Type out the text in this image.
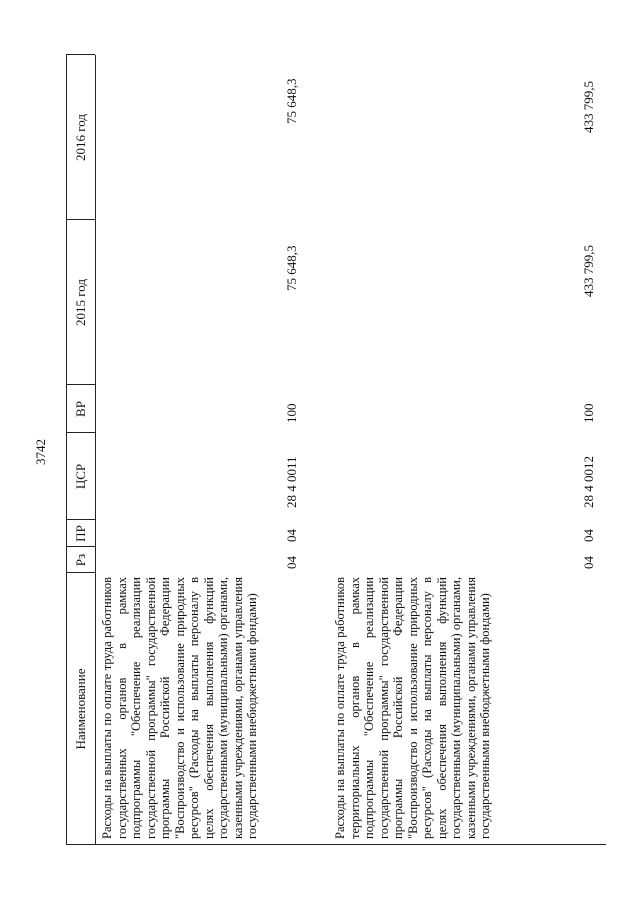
3742
Наименование
Рз
ПР
ЦСР
ВР
2015 год
2016 год
Расходы на выплаты по оплате труда работников государственных органов в рамках подпрограммы "Обеспечение реализации государственной программы" государственной программы Российской Федерации "Воспроизводство и использование природных ресурсов" (Расходы на выплаты персоналу в целях обеспечения выполнения функций государственными (муниципальными) органами, казенными учреждениями, органами управления государственными внебюджетными фондами)
04
04
28 4 0011
100
75 648,3
75 648,3
Расходы на выплаты по оплате труда работников территориальных органов в рамках подпрограммы "Обеспечение реализации государственной программы" государственной программы Российской Федерации "Воспроизводство и использование природных ресурсов" (Расходы на выплаты персоналу в целях обеспечения выполнения функций государственными (муниципальными) органами, казенными учреждениями, органами управления государственными внебюджетными фондами)
04
04
28 4 0012
100
433 799,5
433 799,5
